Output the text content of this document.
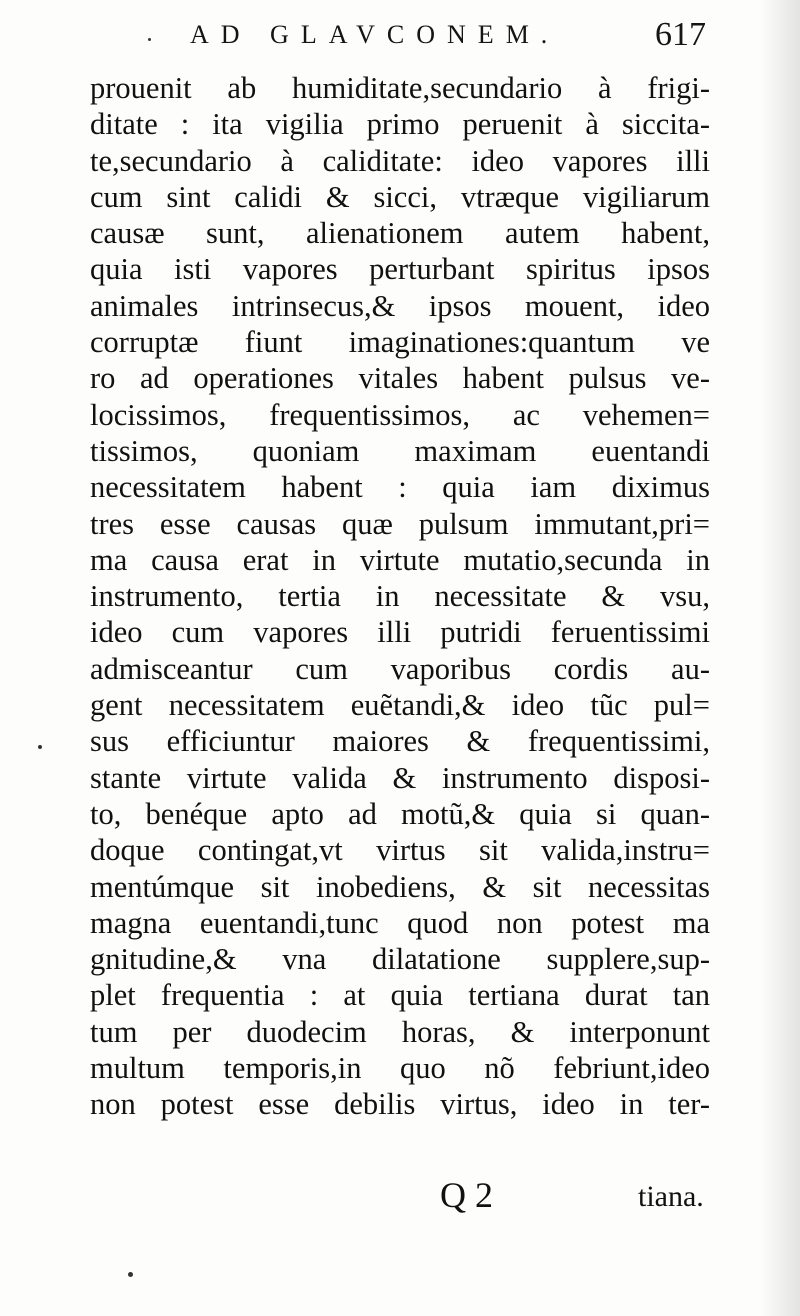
AD GLAVCONEM.	617
prouenit ab humiditate,secundario à frigi-
ditate : ita vigilia primo peruenit à siccita-
te,secundario à caliditate: ideo vapores illi
cum sint calidi & sicci, vtræque vigiliarum
causæ sunt, alienationem autem habent,
quia isti vapores perturbant spiritus ipsos
animales intrinsecus,& ipsos mouent, ideo
corruptæ fiunt imaginationes:quantum ve
ro ad operationes vitales habent pulsus ve-
locissimos, frequentissimos, ac vehemen=
tissimos, quoniam maximam euentandi
necessitatem habent : quia iam diximus
tres esse causas quæ pulsum immutant,pri=
ma causa erat in virtute mutatio,secunda in
instrumento, tertia in necessitate & vsu,
ideo cum vapores illi putridi feruentissimi
admisceantur cum vaporibus cordis au-
gent necessitatem euẽtandi,& ideo tũc pul=
sus efficiuntur maiores & frequentissimi,
stante virtute valida & instrumento disposi-
to, benéque apto ad motũ,& quia si quan-
doque contingat,vt virtus sit valida,instru=
mentúmque sit inobediens, & sit necessitas
magna euentandi,tunc quod non potest ma
gnitudine,& vna dilatatione supplere,sup-
plet frequentia : at quia tertiana durat tan
tum per duodecim horas, & interponunt
multum temporis,in quo nõ febriunt,ideo
non potest esse debilis virtus, ideo in ter-
Q 2	tiana.
